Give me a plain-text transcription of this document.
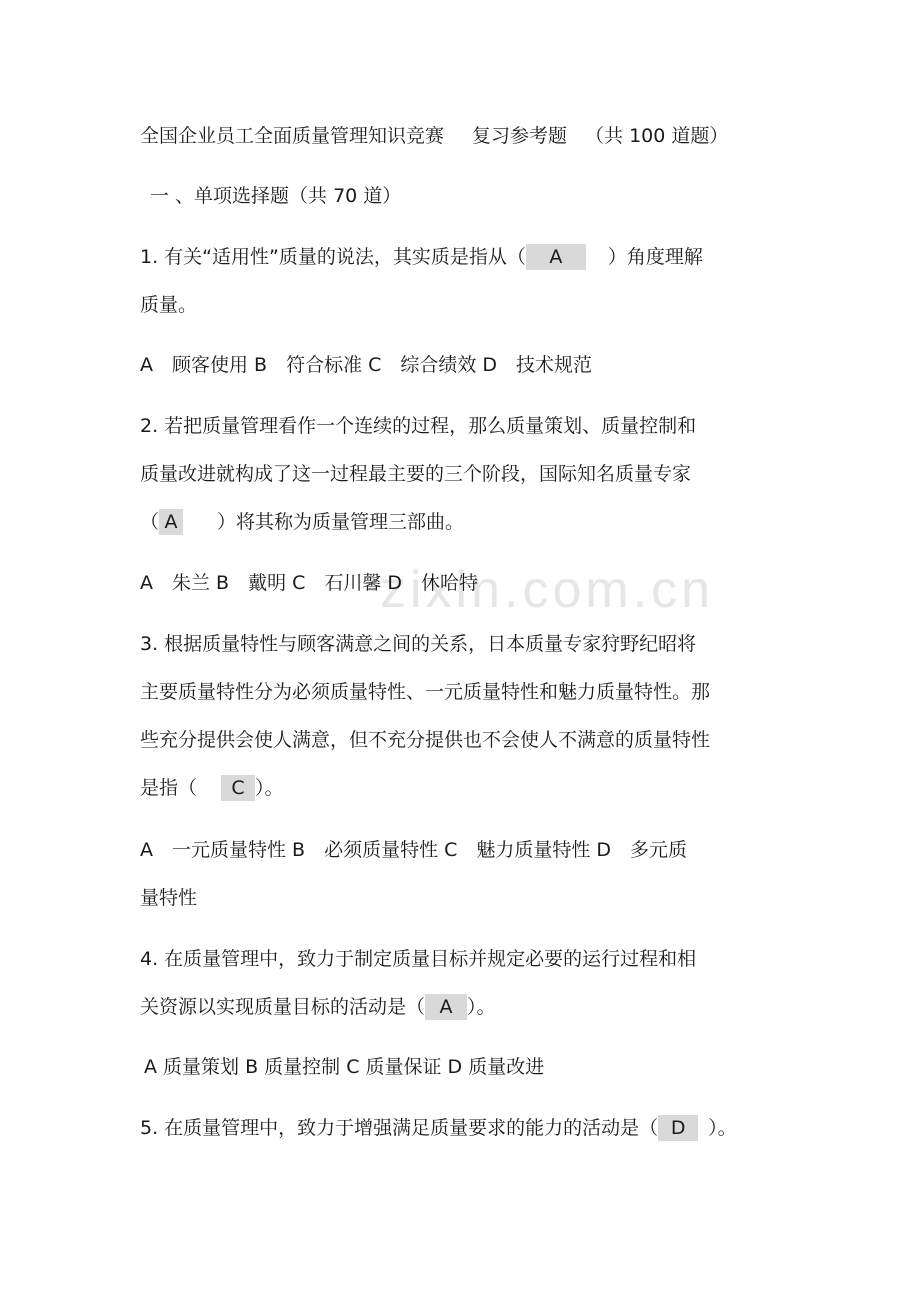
zixin.com.cn
全国企业员工全面质量管理知识竞赛 复习参考题 （共 100 道题）
一 、单项选择题（共 70 道）
1. 有关“适用性”质量的说法，其实质是指从（ A ）角度理解
质量。
A　顾客使用 B　符合标准 C　综合绩效 D　技术规范
2. 若把质量管理看作一个连续的过程，那么质量策划、质量控制和
质量改进就构成了这一过程最主要的三个阶段，国际知名质量专家
（ A ）将其称为质量管理三部曲。
A　朱兰 B　戴明 C　石川馨 D　休哈特
3. 根据质量特性与顾客满意之间的关系，日本质量专家狩野纪昭将
主要质量特性分为必须质量特性、一元质量特性和魅力质量特性。那
些充分提供会使人满意，但不充分提供也不会使人不满意的质量特性
是指（ C ）。
A　一元质量特性 B　必须质量特性 C　魅力质量特性 D　多元质
量特性
4. 在质量管理中，致力于制定质量目标并规定必要的运行过程和相
关资源以实现质量目标的活动是（ A ）。
A 质量策划 B 质量控制 C 质量保证 D 质量改进
5. 在质量管理中，致力于增强满足质量要求的能力的活动是（ D ）。
